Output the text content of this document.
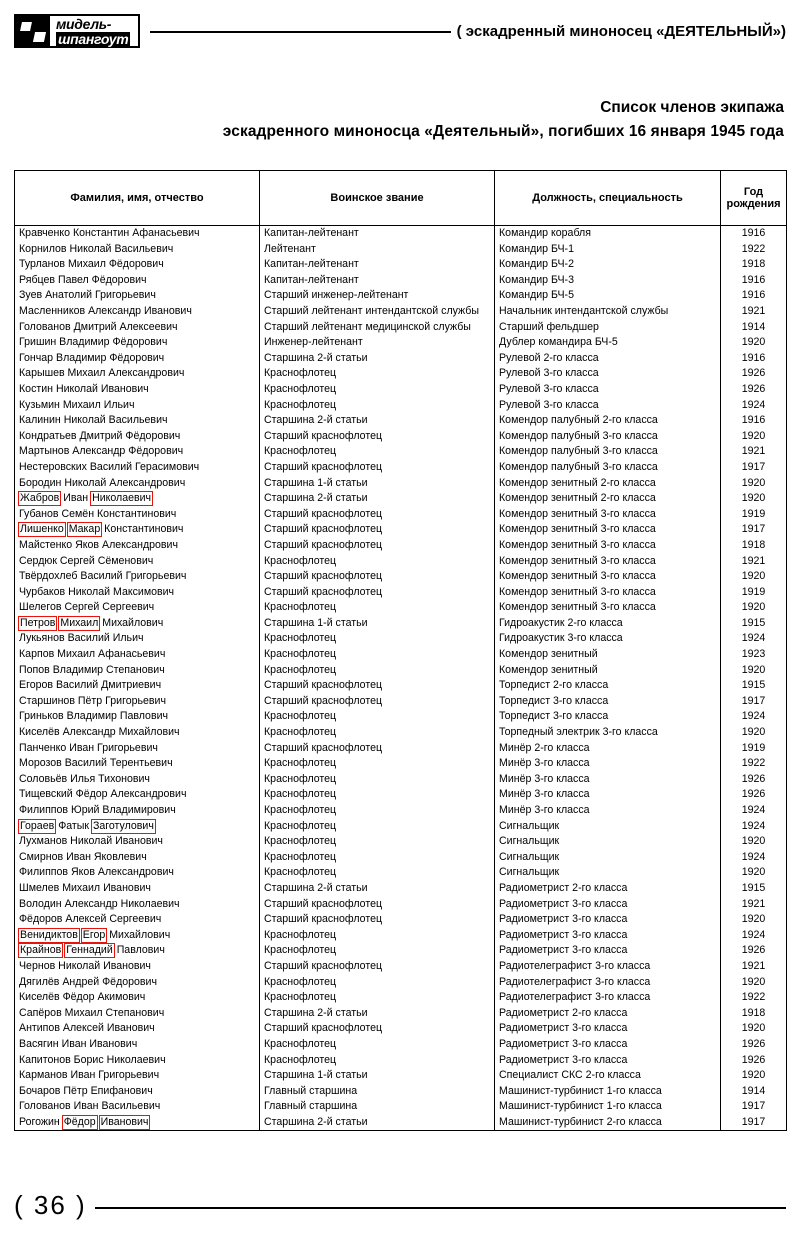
мидель-
шпангоут	( эскадренный миноносец «ДЕЯТЕЛЬНЫЙ»)
Список членов экипажа
эскадренного миноносца «Деятельный», погибших 16 января 1945 года
Фамилия, имя, отчество	Воинское звание	Должность, специальность	Год
рождения

Кравченко Константин Афанасьевич	Капитан-лейтенант	Командир корабля	1916
Корнилов Николай Васильевич	Лейтенант	Командир БЧ-1	1922
Турланов Михаил Фёдорович	Капитан-лейтенант	Командир БЧ-2	1918
Рябцев Павел Фёдорович	Капитан-лейтенант	Командир БЧ-3	1916
Зуев Анатолий Григорьевич	Старший инженер-лейтенант	Командир БЧ-5	1916
Масленников Александр Иванович	Старший лейтенант интендантской службы	Начальник интендантской службы	1921
Голованов Дмитрий Алексеевич	Старший лейтенант медицинской службы	Старший фельдшер	1914
Гришин Владимир Фёдорович	Инженер-лейтенант	Дублер командира БЧ-5	1920
Гончар Владимир Фёдорович	Старшина 2-й статьи	Рулевой 2-го класса	1916
Карышев Михаил Александрович	Краснофлотец	Рулевой 3-го класса	1926
Костин Николай Иванович	Краснофлотец	Рулевой 3-го класса	1926
Кузьмин Михаил Ильич	Краснофлотец	Рулевой 3-го класса	1924
Калинин Николай Васильевич	Старшина 2-й статьи	Комендор палубный 2-го класса	1916
Кондратьев Дмитрий Фёдорович	Старший краснофлотец	Комендор палубный 3-го класса	1920
Мартынов Александр Фёдорович	Краснофлотец	Комендор палубный 3-го класса	1921
Нестеровских Василий Герасимович	Старший краснофлотец	Комендор палубный 3-го класса	1917
Бородин Николай Александрович	Старшина 1-й статьи	Комендор зенитный 2-го класса	1920
Жабров Иван Николаевич	Старшина 2-й статьи	Комендор зенитный 2-го класса	1920
Губанов Семён Константинович	Старший краснофлотец	Комендор зенитный 3-го класса	1919
Лишенко Макар Константинович	Старший краснофлотец	Комендор зенитный 3-го класса	1917
Майстенко Яков Александрович	Старший краснофлотец	Комендор зенитный 3-го класса	1918
Сердюк Сергей Сёменович	Краснофлотец	Комендор зенитный 3-го класса	1921
Твёрдохлеб Василий Григорьевич	Старший краснофлотец	Комендор зенитный 3-го класса	1920
Чурбаков Николай Максимович	Старший краснофлотец	Комендор зенитный 3-го класса	1919
Шелегов Сергей Сергеевич	Краснофлотец	Комендор зенитный 3-го класса	1920
Петров Михаил Михайлович	Старшина 1-й статьи	Гидроакустик 2-го класса	1915
Лукьянов Василий Ильич	Краснофлотец	Гидроакустик 3-го класса	1924
Карпов Михаил Афанасьевич	Краснофлотец	Комендор зенитный	1923
Попов Владимир Степанович	Краснофлотец	Комендор зенитный	1920
Егоров Василий Дмитриевич	Старший краснофлотец	Торпедист 2-го класса	1915
Старшинов Пётр Григорьевич	Старший краснофлотец	Торпедист 3-го класса	1917
Гриньков Владимир Павлович	Краснофлотец	Торпедист 3-го класса	1924
Киселёв Александр Михайлович	Краснофлотец	Торпедный электрик 3-го класса	1920
Панченко Иван Григорьевич	Старший краснофлотец	Минёр 2-го класса	1919
Морозов Василий Терентьевич	Краснофлотец	Минёр 3-го класса	1922
Соловьёв Илья Тихонович	Краснофлотец	Минёр 3-го класса	1926
Тищевский Фёдор Александрович	Краснофлотец	Минёр 3-го класса	1926
Филиппов Юрий Владимирович	Краснофлотец	Минёр 3-го класса	1924
Гораев Фатык Заготулович	Краснофлотец	Сигнальщик	1924
Лухманов Николай Иванович	Краснофлотец	Сигнальщик	1920
Смирнов Иван Яковлевич	Краснофлотец	Сигнальщик	1924
Филиппов Яков Александрович	Краснофлотец	Сигнальщик	1920
Шмелев Михаил Иванович	Старшина 2-й статьи	Радиометрист 2-го класса	1915
Володин Александр Николаевич	Старший краснофлотец	Радиометрист 3-го класса	1921
Фёдоров Алексей Сергеевич	Старший краснофлотец	Радиометрист 3-го класса	1920
Венидиктов Егор Михайлович	Краснофлотец	Радиометрист 3-го класса	1924
Крайнов Геннадий Павлович	Краснофлотец	Радиометрист 3-го класса	1926
Чернов Николай Иванович	Старший краснофлотец	Радиотелеграфист 3-го класса	1921
Дягилёв Андрей Фёдорович	Краснофлотец	Радиотелеграфист 3-го класса	1920
Киселёв Фёдор Акимович	Краснофлотец	Радиотелеграфист 3-го класса	1922
Сапёров Михаил Степанович	Старшина 2-й статьи	Радиометрист 2-го класса	1918
Антипов Алексей Иванович	Старший краснофлотец	Радиометрист 3-го класса	1920
Васягин Иван Иванович	Краснофлотец	Радиометрист 3-го класса	1926
Капитонов Борис Николаевич	Краснофлотец	Радиометрист 3-го класса	1926
Карманов Иван Григорьевич	Старшина 1-й статьи	Специалист СКС 2-го класса	1920
Бочаров Пётр Епифанович	Главный старшина	Машинист-турбинист 1-го класса	1914
Голованов Иван Васильевич	Главный старшина	Машинист-турбинист 1-го класса	1917
Рогожин Фёдор Иванович	Старшина 2-й статьи	Машинист-турбинист 2-го класса	1917
( 36 )
